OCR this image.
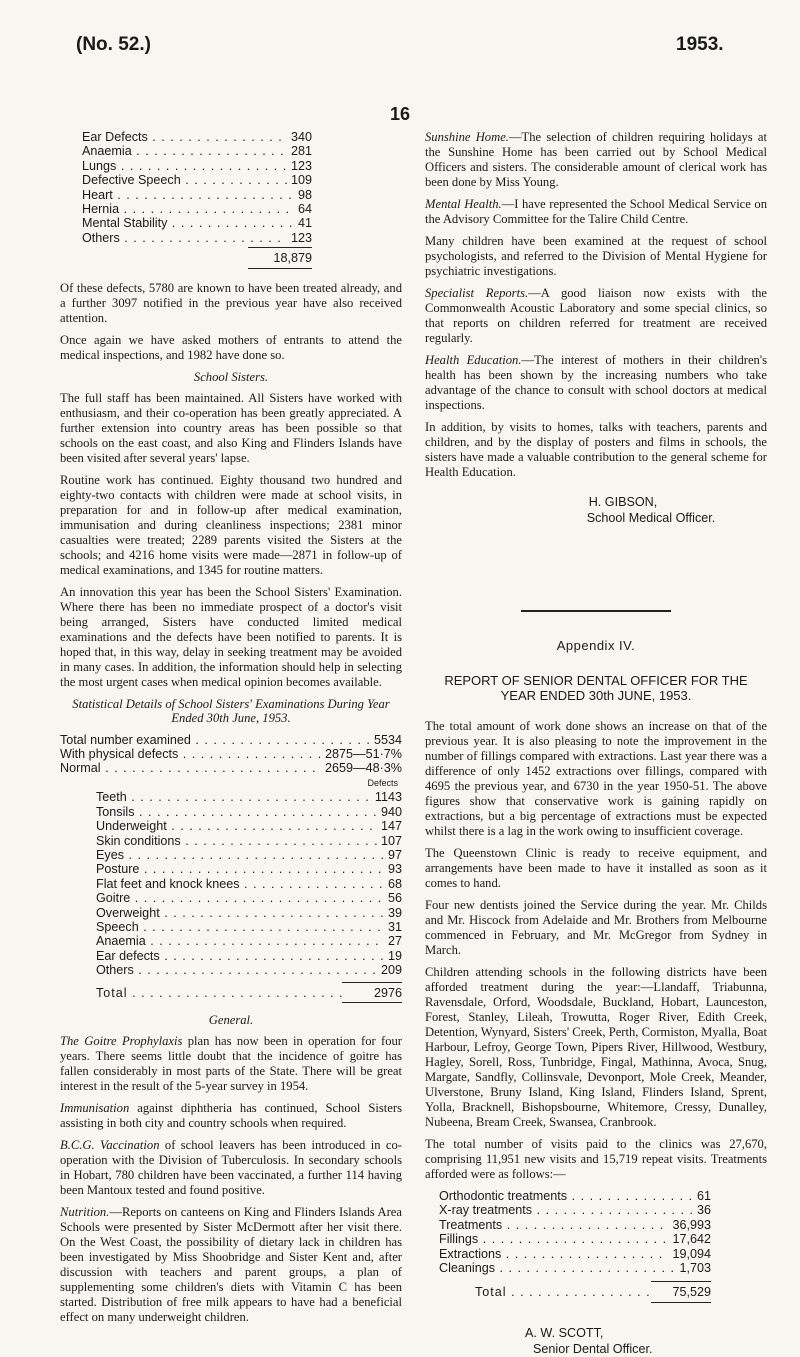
(No. 52.)	1953.
16
Ear Defects . . .	340
Anaemia . . .	281
Lungs . . .	123
Defective Speech . . .	109
Heart . . .	98
Hernia . . .	64
Mental Stability . . .	41
Others . . .	123
18,879

Of these defects, 5780 are known to have been treated already, and a further 3097 notified in the previous year have also received attention.

Once again we have asked mothers of entrants to attend the medical inspections, and 1982 have done so.

School Sisters.

The full staff has been maintained. All Sisters have worked with enthusiasm, and their co-operation has been greatly appreciated. A further extension into country areas has been possible so that schools on the east coast, and also King and Flinders Islands have been visited after several years' lapse.

Routine work has continued. Eighty thousand two hundred and eighty-two contacts with children were made at school visits, in preparation for and in follow-up after medical examination, immunisation and during cleanliness inspections; 2381 minor casualties were treated; 2289 parents visited the Sisters at the schools; and 4216 home visits were made—2871 in follow-up of medical examinations, and 1345 for routine matters.

An innovation this year has been the School Sisters' Examination. Where there has been no immediate prospect of a doctor's visit being arranged, Sisters have conducted limited medical examinations and the defects have been notified to parents. It is hoped that, in this way, delay in seeking treatment may be avoided in many cases. In addition, the information should help in selecting the most urgent cases when medical opinion becomes available.

Statistical Details of School Sisters' Examinations During Year Ended 30th June, 1953.
Total number examined . . .	5534
With physical defects . . .	2875—51·7%
Normal . . .	2659—48·3%
Defects
Teeth . . .	1143
Tonsils . . .	940
Underweight . . .	147
Skin conditions . . .	107
Eyes . . .	97
Posture . . .	93
Flat feet and knock knees . . .	68
Goitre . . .	56
Overweight . . .	39
Speech . . .	31
Anaemia . . .	27
Ear defects . . .	19
Others . . .	209
Total . . .	2976
General.

The Goitre Prophylaxis plan has now been in operation for four years. There seems little doubt that the incidence of goitre has fallen considerably in most parts of the State. There will be great interest in the result of the 5-year survey in 1954.

Immunisation against diphtheria has continued, School Sisters assisting in both city and country schools when required.

B.C.G. Vaccination of school leavers has been introduced in co-operation with the Division of Tuberculosis. In secondary schools in Hobart, 780 children have been vaccinated, a further 114 having been Mantoux tested and found positive.

Nutrition.—Reports on canteens on King and Flinders Islands Area Schools were presented by Sister McDermott after her visit there. On the West Coast, the possibility of dietary lack in children has been investigated by Miss Shoobridge and Sister Kent and, after discussion with teachers and parent groups, a plan of supplementing some children's diets with Vitamin C has been started. Distribution of free milk appears to have had a beneficial effect on many underweight children.

Sunshine Home.—The selection of children requiring holidays at the Sunshine Home has been carried out by School Medical Officers and sisters. The considerable amount of clerical work has been done by Miss Young.

Mental Health.—I have represented the School Medical Service on the Advisory Committee for the Talire Child Centre.

Many children have been examined at the request of school psychologists, and referred to the Division of Mental Hygiene for psychiatric investigations.

Specialist Reports.—A good liaison now exists with the Commonwealth Acoustic Laboratory and some special clinics, so that reports on children referred for treatment are received regularly.

Health Education.—The interest of mothers in their children's health has been shown by the increasing numbers who take advantage of the chance to consult with school doctors at medical inspections.

In addition, by visits to homes, talks with teachers, parents and children, and by the display of posters and films in schools, the sisters have made a valuable contribution to the general scheme for Health Education.

H. GIBSON,
School Medical Officer.
Appendix IV.
REPORT OF SENIOR DENTAL OFFICER FOR THE YEAR ENDED 30th JUNE, 1953.

The total amount of work done shows an increase on that of the previous year. It is also pleasing to note the improvement in the number of fillings compared with extractions. Last year there was a difference of only 1452 extractions over fillings, compared with 4695 the previous year, and 6730 in the year 1950-51. The above figures show that conservative work is gaining rapidly on extractions, but a big percentage of extractions must be expected whilst there is a lag in the work owing to insufficient coverage.

The Queenstown Clinic is ready to receive equipment, and arrangements have been made to have it installed as soon as it comes to hand.

Four new dentists joined the Service during the year. Mr. Childs and Mr. Hiscock from Adelaide and Mr. Brothers from Melbourne commenced in February, and Mr. McGregor from Sydney in March.

Children attending schools in the following districts have been afforded treatment during the year:—Llandaff, Triabunna, Ravensdale, Orford, Woodsdale, Buckland, Hobart, Launceston, Forest, Stanley, Lileah, Trowutta, Roger River, Edith Creek, Detention, Wynyard, Sisters' Creek, Perth, Cormiston, Myalla, Boat Harbour, Lefroy, George Town, Pipers River, Hillwood, Westbury, Hagley, Sorell, Ross, Tunbridge, Fingal, Mathinna, Avoca, Snug, Margate, Sandfly, Collinsvale, Devonport, Mole Creek, Meander, Ulverstone, Bruny Island, King Island, Flinders Island, Sprent, Yolla, Bracknell, Bishopsbourne, Whitemore, Cressy, Dunalley, Nubeena, Bream Creek, Swansea, Cranbrook.

The total number of visits paid to the clinics was 27,670, comprising 11,951 new visits and 15,719 repeat visits. Treatments afforded were as follows:—

Orthodontic treatments . . .	61
X-ray treatments . . .	36
Treatments . . .	36,993
Fillings . . .	17,642
Extractions . . .	19,094
Cleanings . . .	1,703
Total . . .	75,529
A. W. SCOTT,
Senior Dental Officer.
